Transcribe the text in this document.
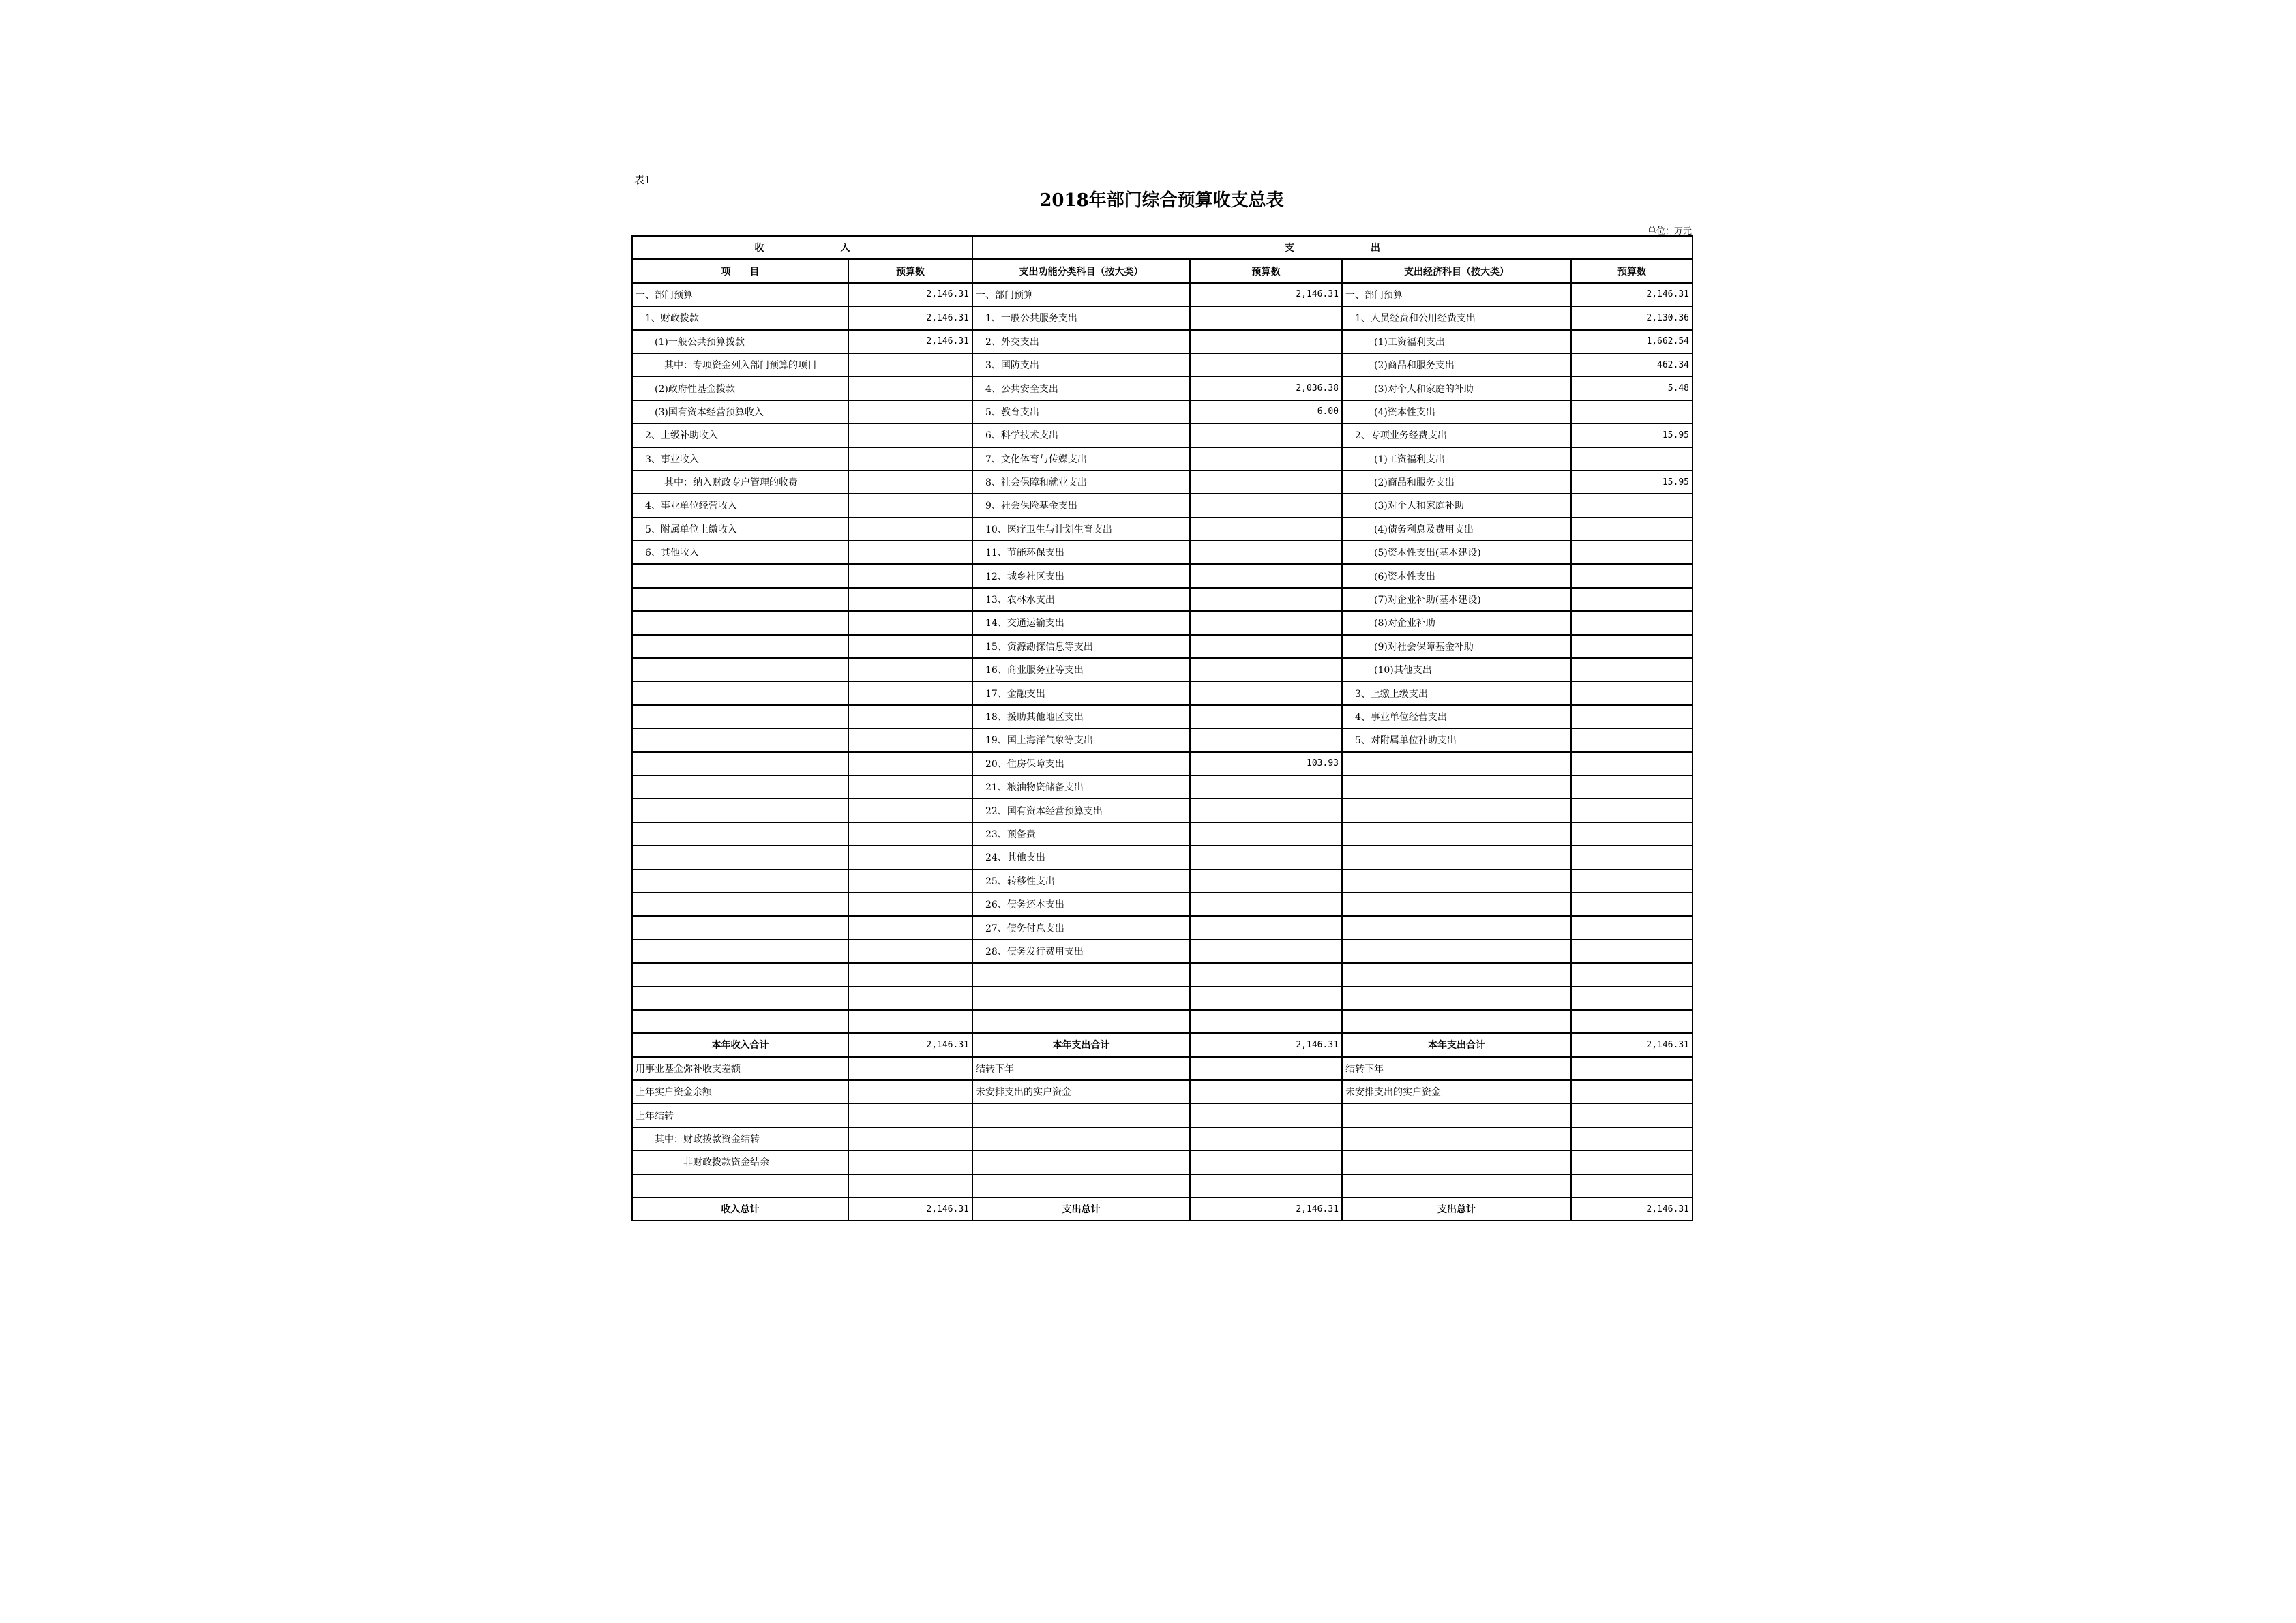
表1
2018年部门综合预算收支总表
单位：万元
收　　　　　　　　入		支　　　　　　　　出			
项　　目	预算数	支出功能分类科目（按大类）	预算数	支出经济科目（按大类）	预算数
一、部门预算	2,146.31	一、部门预算	2,146.31	一、部门预算	2,146.31
　1、财政拨款	2,146.31	　1、一般公共服务支出		　1、人员经费和公用经费支出	2,130.36
　　(1)一般公共预算拨款	2,146.31	　2、外交支出		　　　(1)工资福利支出	1,662.54
　　　其中：专项资金列入部门预算的项目		　3、国防支出		　　　(2)商品和服务支出	462.34
　　(2)政府性基金拨款		　4、公共安全支出	2,036.38	　　　(3)对个人和家庭的补助	5.48
　　(3)国有资本经营预算收入		　5、教育支出	6.00	　　　(4)资本性支出	
　2、上级补助收入		　6、科学技术支出		　2、专项业务经费支出	15.95
　3、事业收入		　7、文化体育与传媒支出		　　　(1)工资福利支出	
　　　其中：纳入财政专户管理的收费		　8、社会保障和就业支出		　　　(2)商品和服务支出	15.95
　4、事业单位经营收入		　9、社会保险基金支出		　　　(3)对个人和家庭补助	
　5、附属单位上缴收入		　10、医疗卫生与计划生育支出		　　　(4)债务利息及费用支出	
　6、其他收入		　11、节能环保支出		　　　(5)资本性支出(基本建设)	
		　12、城乡社区支出		　　　(6)资本性支出	
		　13、农林水支出		　　　(7)对企业补助(基本建设)	
		　14、交通运输支出		　　　(8)对企业补助	
		　15、资源勘探信息等支出		　　　(9)对社会保障基金补助	
		　16、商业服务业等支出		　　　(10)其他支出	
		　17、金融支出		　3、上缴上级支出	
		　18、援助其他地区支出		　4、事业单位经营支出	
		　19、国土海洋气象等支出		　5、对附属单位补助支出	
		　20、住房保障支出	103.93		
		　21、粮油物资储备支出			
		　22、国有资本经营预算支出			
		　23、预备费			
		　24、其他支出			
		　25、转移性支出			
		　26、债务还本支出			
		　27、债务付息支出			
		　28、债务发行费用支出			

本年收入合计	2,146.31	本年支出合计	2,146.31	本年支出合计	2,146.31
用事业基金弥补收支差额		结转下年		结转下年	
上年实户资金余额		未安排支出的实户资金		未安排支出的实户资金	
上年结转					
　　其中：财政拨款资金结转					
　　　　　非财政拨款资金结余					

收入总计	2,146.31	支出总计	2,146.31	支出总计	2,146.31
